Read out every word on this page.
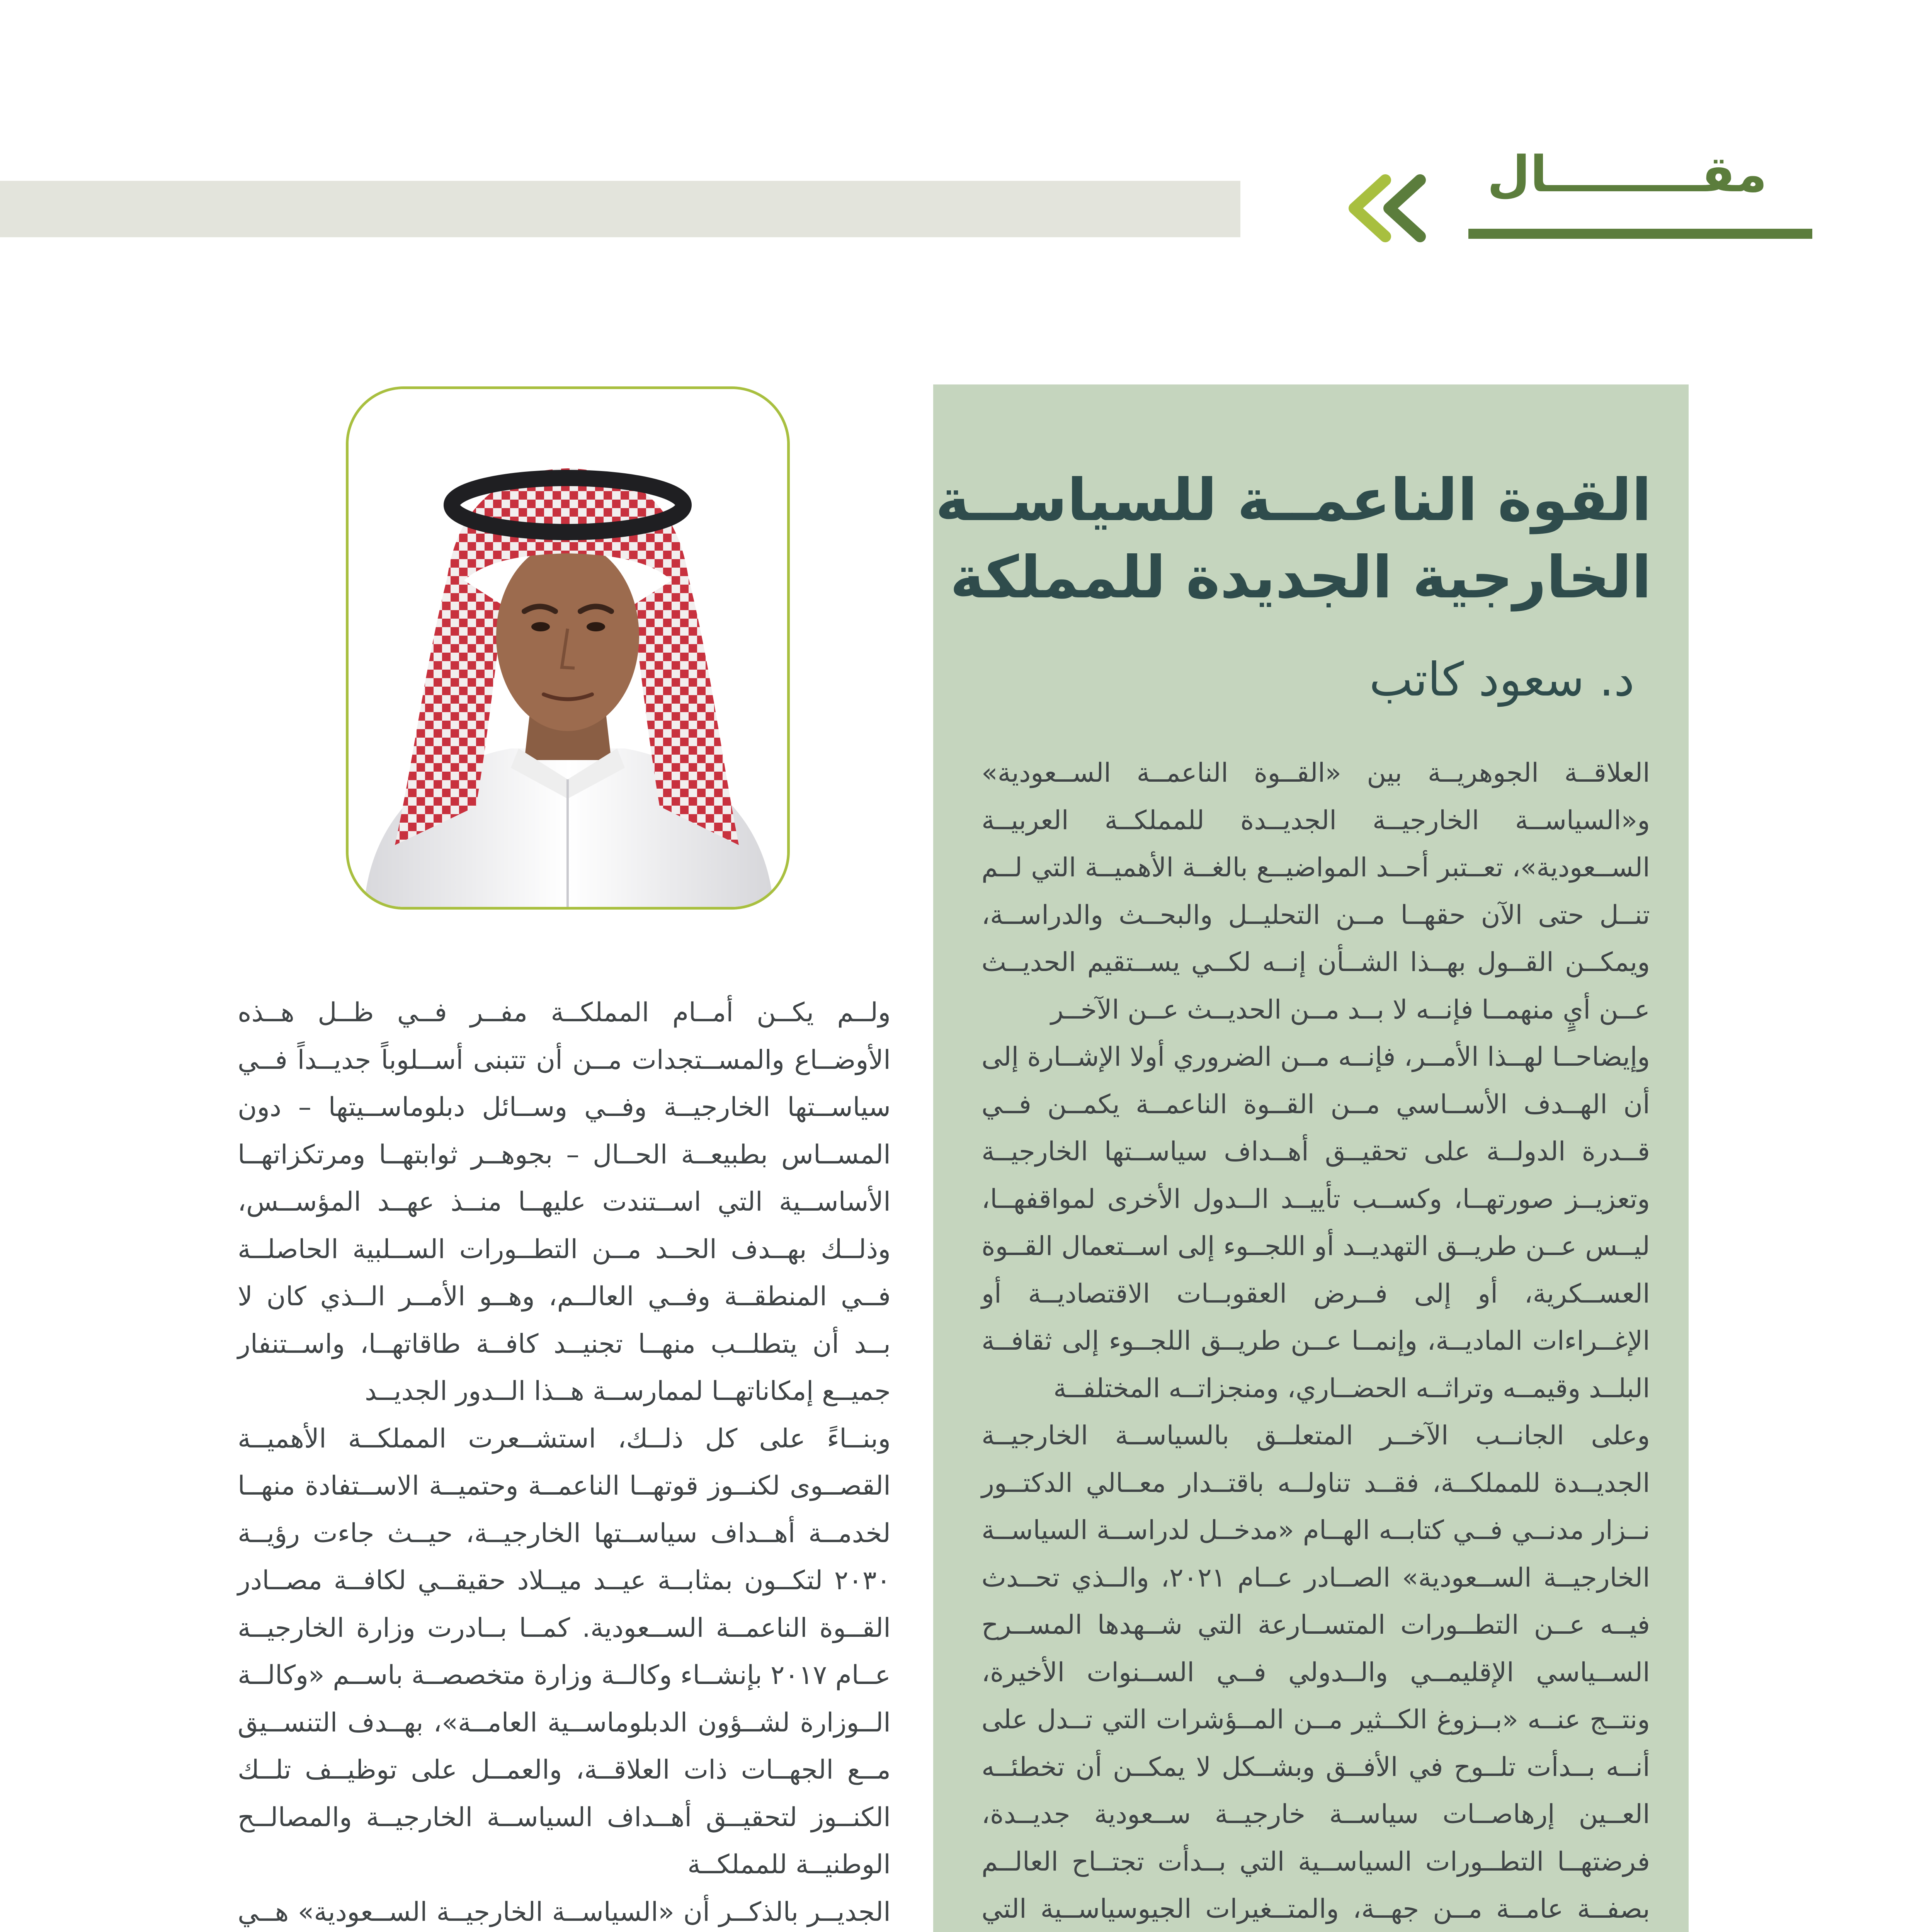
مقـــــــــال
القوة الناعمــة للسياســة
الخارجية الجديدة للمملكة
د. سعود كاتب

العلاقــة الجوهريــة بين «القــوة الناعمــة الســعودية» و«السياســة الخارجيــة الجديــدة للمملكــة العربيــة الســعودية»، تعــتبر أحــد المواضيــع بالغــة الأهميــة التي لــم تنــل حتى الآن حقهــا مــن التحليــل والبحــث والدراســة، ويمكــن القــول بهــذا الشــأن إنــه لكــي يســتقيم الحديــث عــن أيٍ منهمــا فإنــه لا بــد مــن الحديــث عــن الآخــر

وإيضاحــا لهــذا الأمــر، فإنــه مــن الضروري أولا الإشــارة إلى أن الهــدف الأســاسي مــن القــوة الناعمــة يكمــن فــي قــدرة الدولــة على تحقيــق أهــداف سياســتها الخارجيــة وتعزيــز صورتهــا، وكســب تأييــد الــدول الأخرى لمواقفهــا، ليــس عــن طريــق التهديــد أو اللجــوء إلى اســتعمال القــوة العســكرية، أو إلى فــرض العقوبــات الاقتصاديــة أو الإغــراءات الماديــة، وإنمــا عــن طريــق اللجــوء إلى ثقافــة البلــد وقيمــه وتراثــه الحضــاري، ومنجزاتــه المختلفــة

وعلى الجانــب الآخــر المتعلــق بالسياســة الخارجيــة الجديــدة للمملكــة، فقــد تناولــه باقتــدار معــالي الدكتــور نــزار مدنــي فــي كتابــه الهــام «مدخــل لدراســة السياســة الخارجيــة الســعودية» الصــادر عــام ٢٠٢١، والــذي تحــدث فيــه عــن التطــورات المتســارعة التي شــهدها المســرح الســياسي الإقليمــي والــدولي فــي الســنوات الأخيرة، ونتــج عنــه «بــزوغ الكــثير مــن المــؤشرات التي تــدل على أنــه بــدأت تلــوح في الأفــق وبشــكل لا يمكــن أن تخطئــه العــين إرهاصــات سياســة خارجيــة ســعودية جديــدة، فرضتهــا التطــورات السياســية التي بــدأت تجتــاح العالــم بصفــة عامــة مــن جهــة، والمتــغيرات الجيوسياســية التي

ولــم يكــن أمــام المملكــة مفــر فــي ظــل هــذه الأوضــاع والمســتجدات مــن أن تتبنى أســلوباً جديــداً فــي سياســتها الخارجيــة وفــي وســائل دبلوماســيتها – دون المســاس بطبيعــة الحــال – بجوهــر ثوابتهــا ومرتكزاتهــا الأساســية التي اســتندت عليهــا منــذ عهــد المؤســس، وذلــك بهــدف الحــد مــن التطــورات الســلبية الحاصلــة فــي المنطقــة وفــي العالــم، وهــو الأمــر الــذي كان لا بــد أن يتطلــب منهــا تجنيــد كافــة طاقاتهــا، واســتنفار جميــع إمكاناتهــا لممارســة هــذا الــدور الجديــد

وبنــاءً على كل ذلــك، استشــعرت المملكــة الأهميــة القصــوى لكنــوز قوتهــا الناعمــة وحتميــة الاســتفادة منهــا لخدمــة أهــداف سياســتها الخارجيــة، حيــث جاءت رؤيــة ٢٠٣٠ لتكــون بمثابــة عيــد ميــلاد حقيقــي لكافــة مصــادر القــوة الناعمــة الســعودية. كمــا بــادرت وزارة الخارجيــة عــام ٢٠١٧ بإنشــاء وكالــة وزارة متخصصــة باســم «وكالــة الــوزارة لشــؤون الدبلوماســية العامــة»، بهــدف التنســيق مــع الجهــات ذات العلاقــة، والعمــل على توظيــف تلــك الكنــوز لتحقيــق أهــداف السياســة الخارجيــة والمصالــح الوطنيــة للمملكــة

الجديــر بالذكــر أن «السياســة الخارجيــة الســعودية» هــي
